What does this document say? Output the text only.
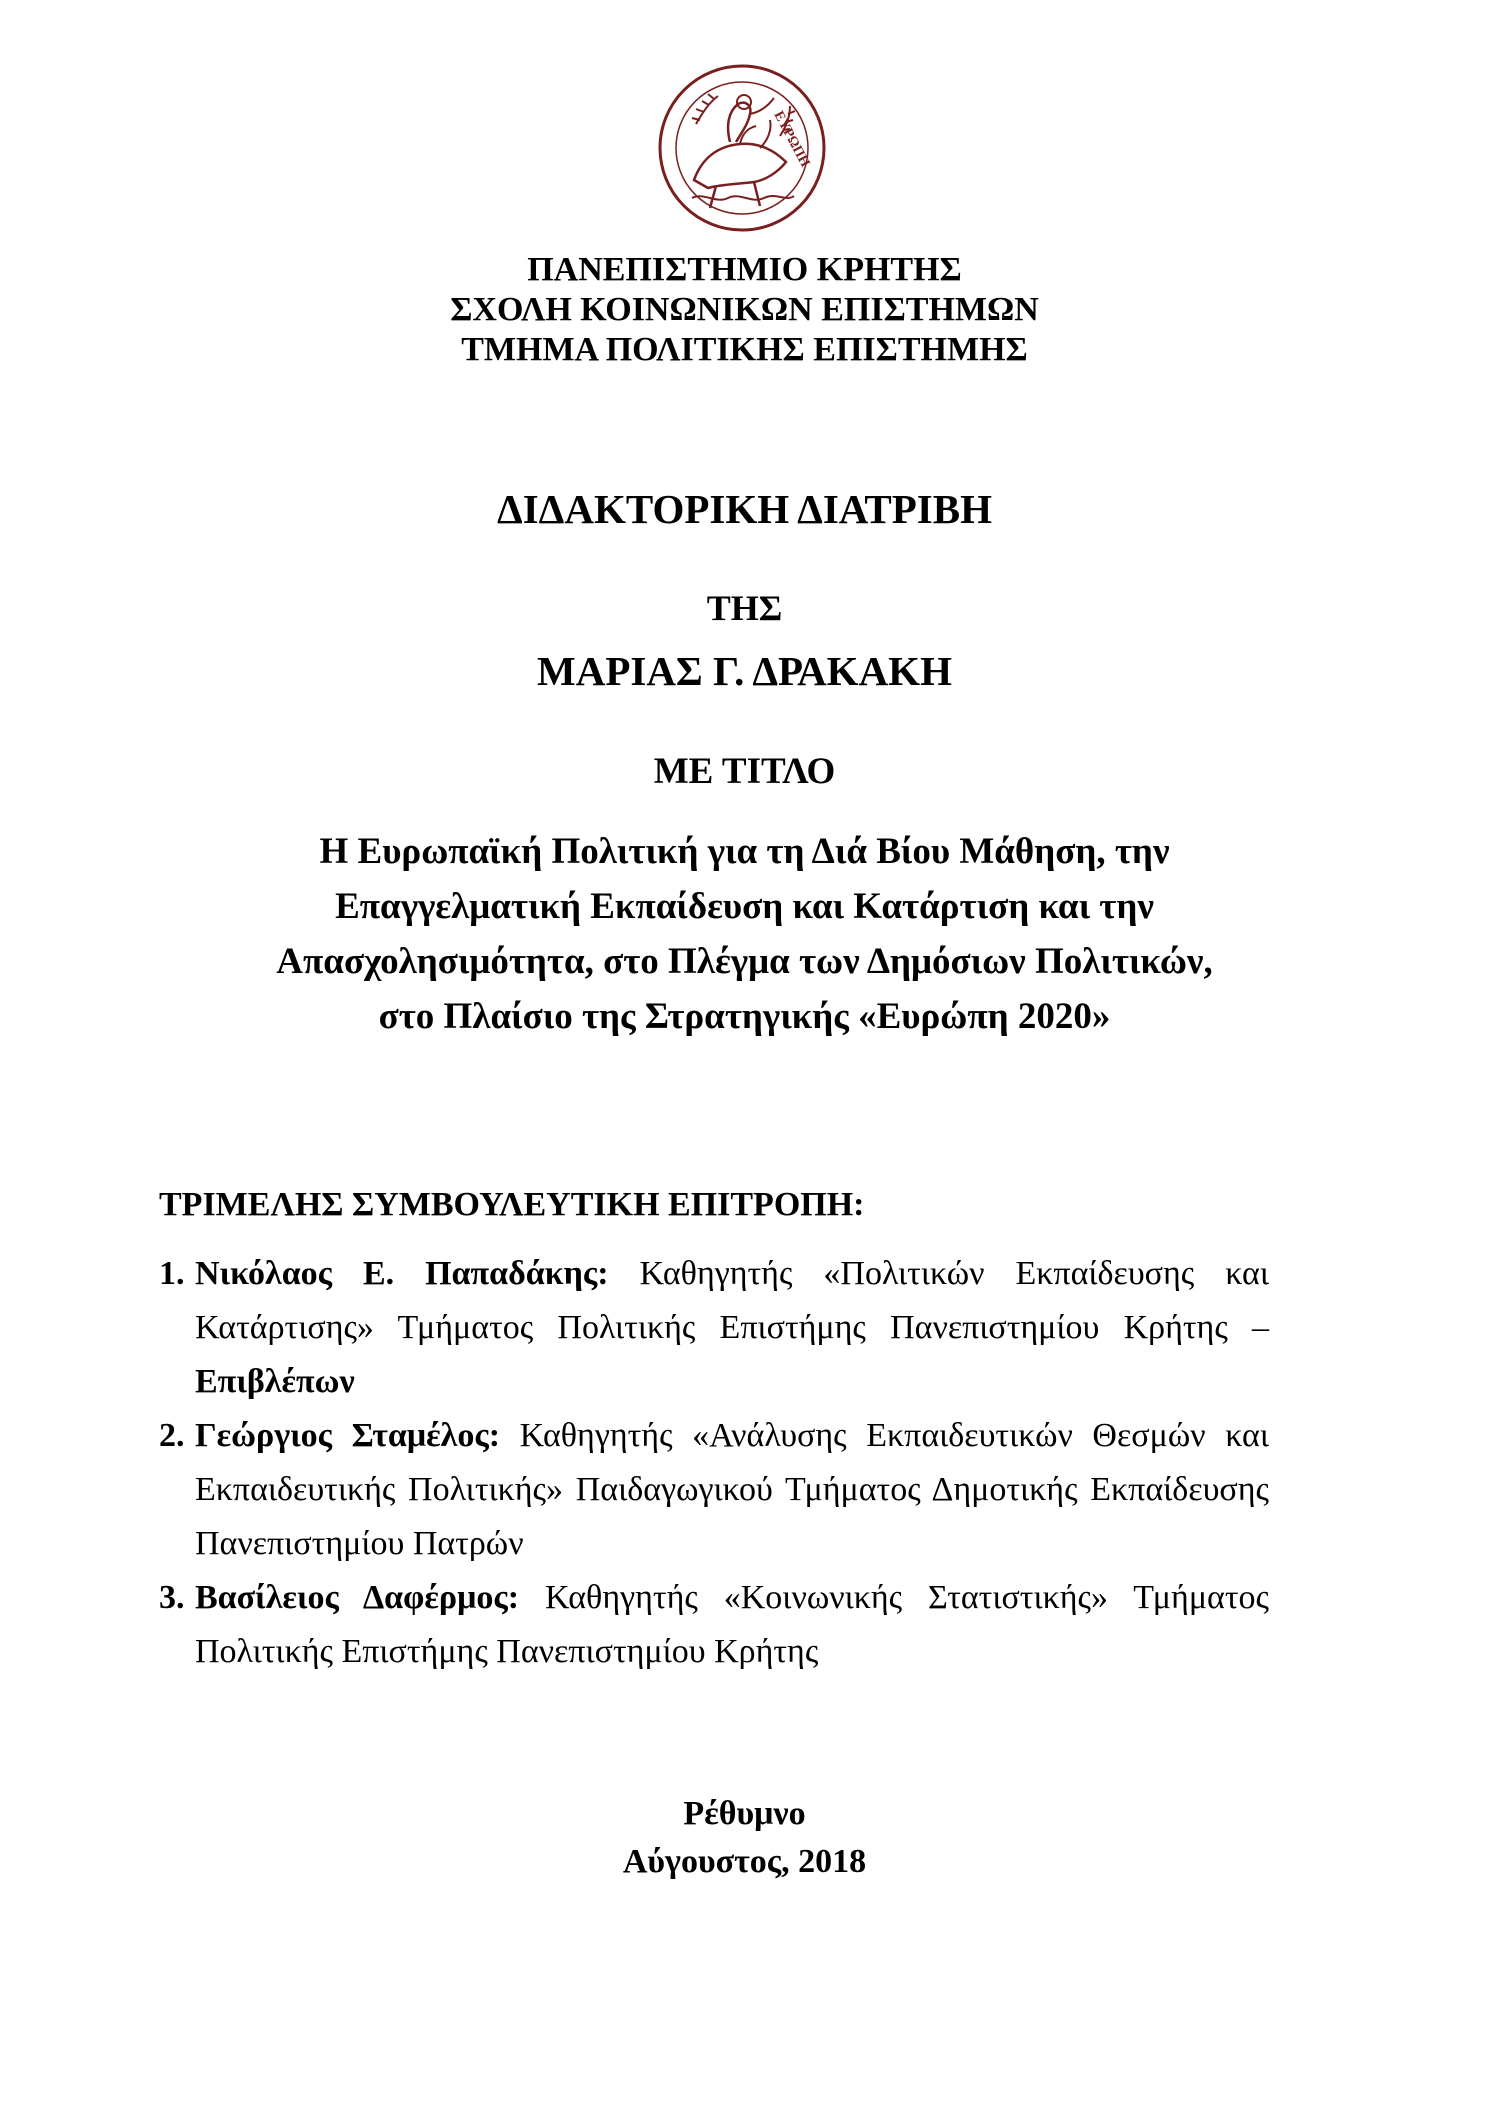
ΕΥΡΩΠΗ
ΠΑΝΕΠΙΣΤΗΜΙΟ ΚΡΗΤΗΣ
ΣΧΟΛΗ ΚΟΙΝΩΝΙΚΩΝ ΕΠΙΣΤΗΜΩΝ
ΤΜΗΜΑ ΠΟΛΙΤΙΚΗΣ ΕΠΙΣΤΗΜΗΣ
ΔΙΔΑΚΤΟΡΙΚΗ ΔΙΑΤΡΙΒΗ
ΤΗΣ
ΜΑΡΙΑΣ Γ. ΔΡΑΚΑΚΗ
ΜΕ ΤΙΤΛΟ
Η Ευρωπαϊκή Πολιτική για τη Διά Βίου Μάθηση, την
Επαγγελματική Εκπαίδευση και Κατάρτιση και την
Απασχολησιμότητα, στο Πλέγμα των Δημόσιων Πολιτικών,
στο Πλαίσιο της Στρατηγικής «Ευρώπη 2020»
ΤΡΙΜΕΛΗΣ ΣΥΜΒΟΥΛΕΥΤΙΚΗ ΕΠΙΤΡΟΠΗ:
1. Νικόλαος Ε. Παπαδάκης: Καθηγητής «Πολιτικών Εκπαίδευσης και Κατάρτισης» Τμήματος Πολιτικής Επιστήμης Πανεπιστημίου Κρήτης – Επιβλέπων
2. Γεώργιος Σταμέλος: Καθηγητής «Ανάλυσης Εκπαιδευτικών Θεσμών και Εκπαιδευτικής Πολιτικής» Παιδαγωγικού Τμήματος Δημοτικής Εκπαίδευσης Πανεπιστημίου Πατρών
3. Βασίλειος Δαφέρμος: Καθηγητής «Κοινωνικής Στατιστικής» Τμήματος Πολιτικής Επιστήμης Πανεπιστημίου Κρήτης
Ρέθυμνο
Αύγουστος, 2018
